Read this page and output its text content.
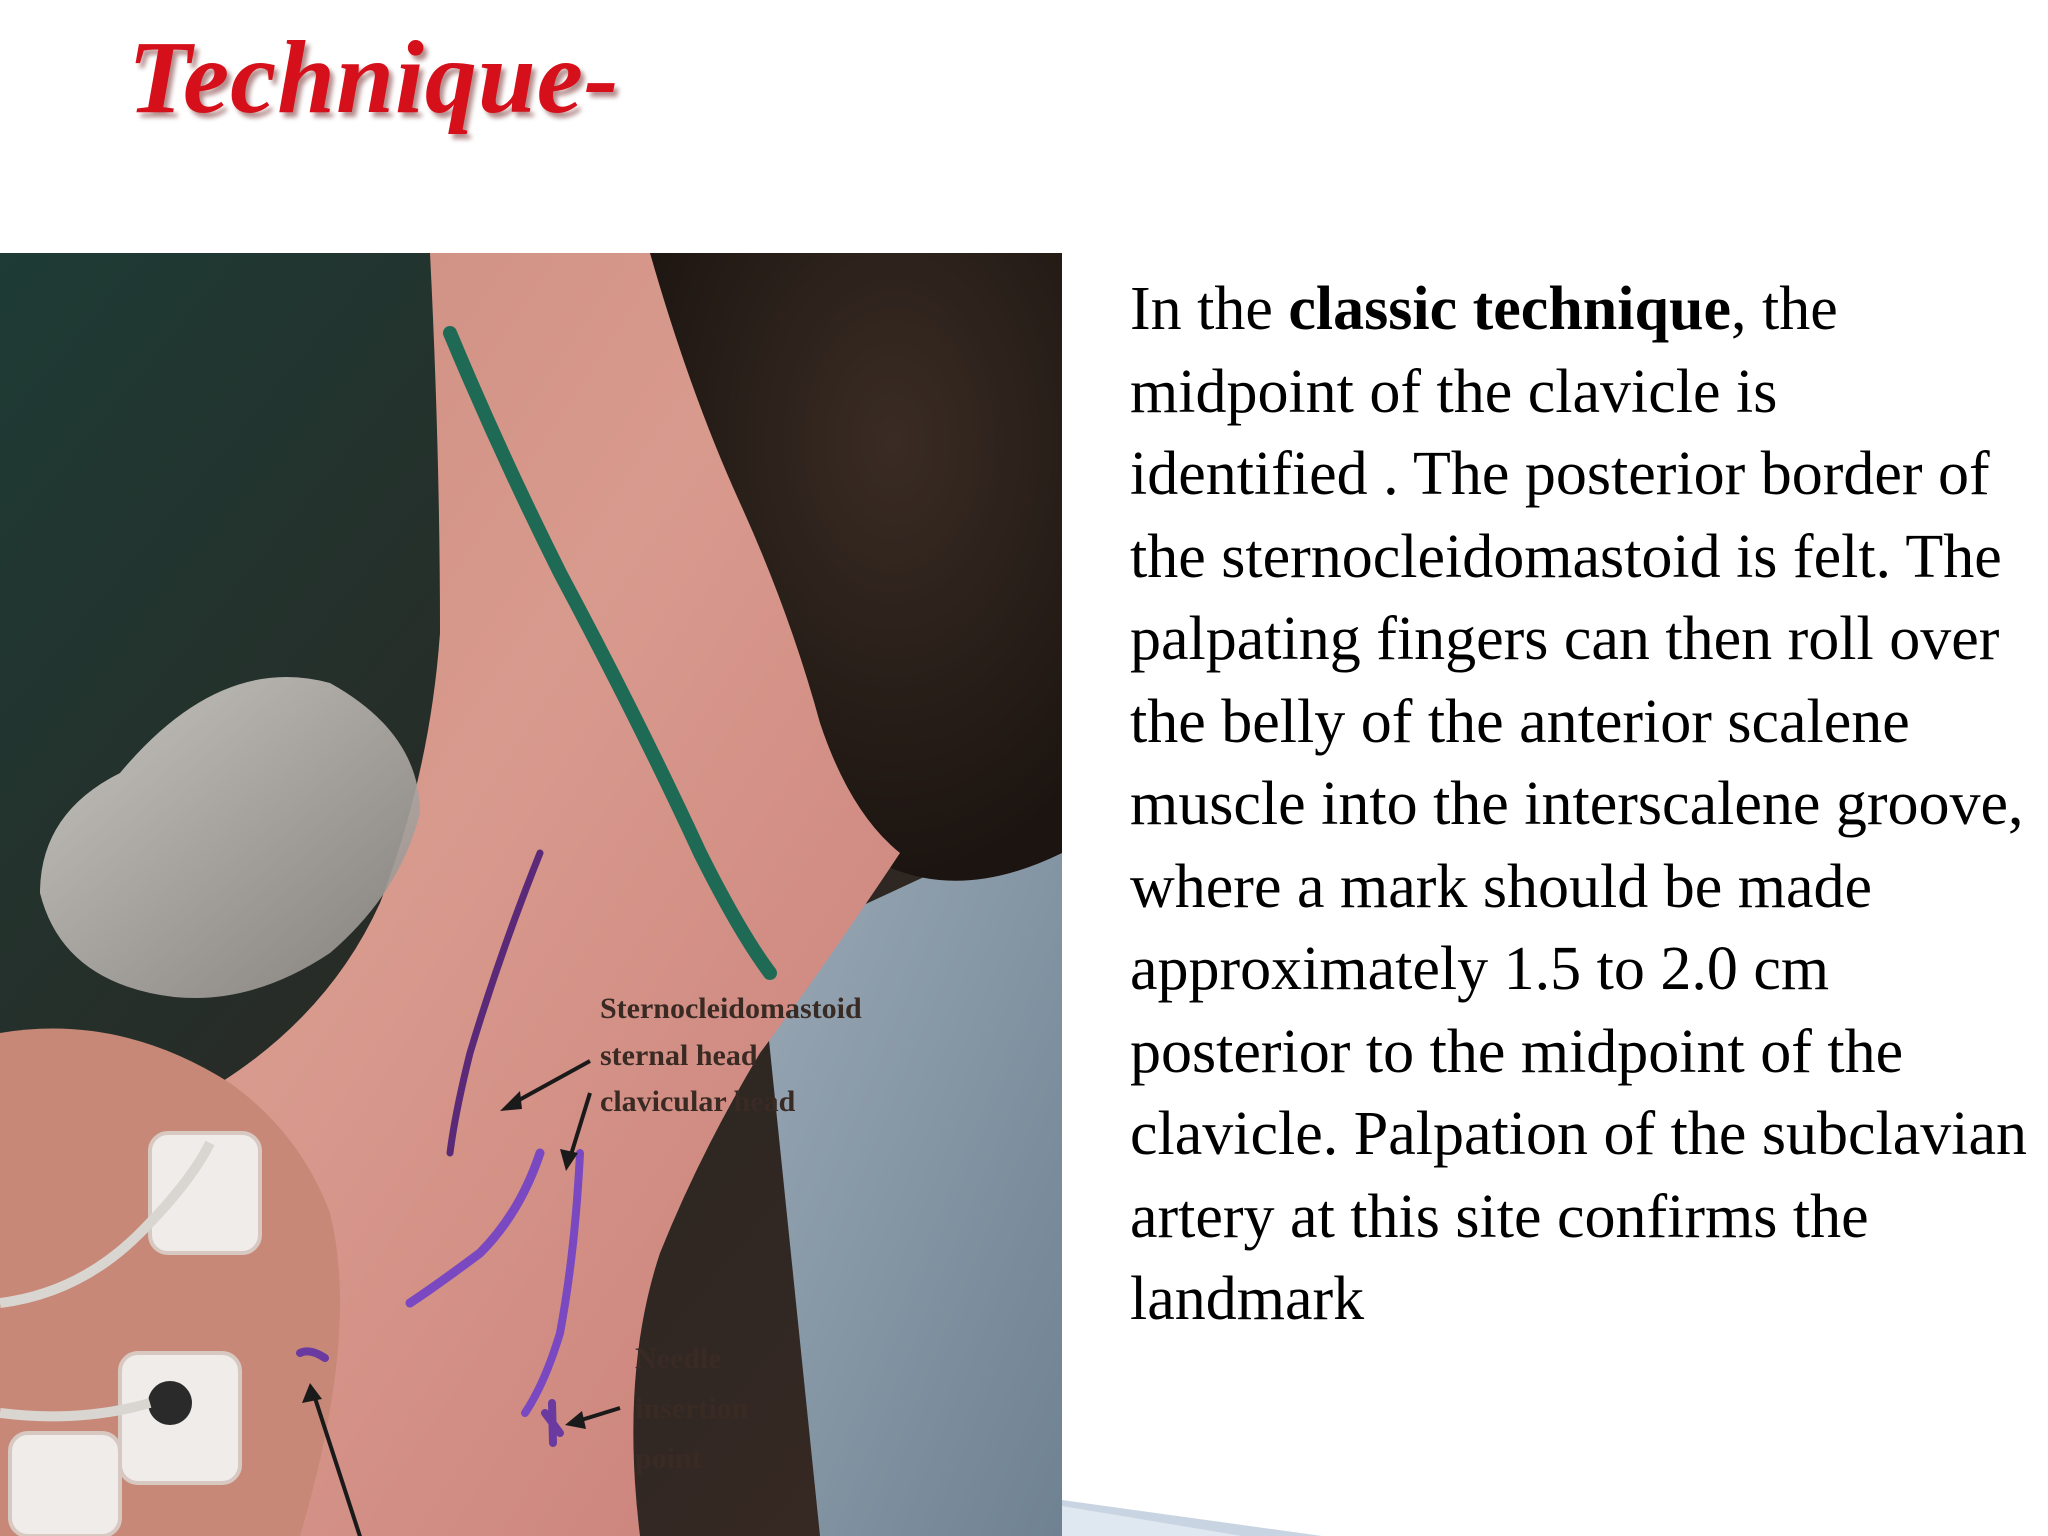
Technique-
Sternocleidomastoid
sternal head
clavicular head
Needle
insertion
point

In the classic technique, the midpoint of the clavicle is identified . The posterior border of the sternocleidomastoid is felt. The palpating fingers can then roll over the belly of the anterior scalene muscle into the interscalene groove, where a mark should be made approximately 1.5 to 2.0 cm posterior to the midpoint of the clavicle. Palpation of the subclavian artery at this site confirms the landmark
